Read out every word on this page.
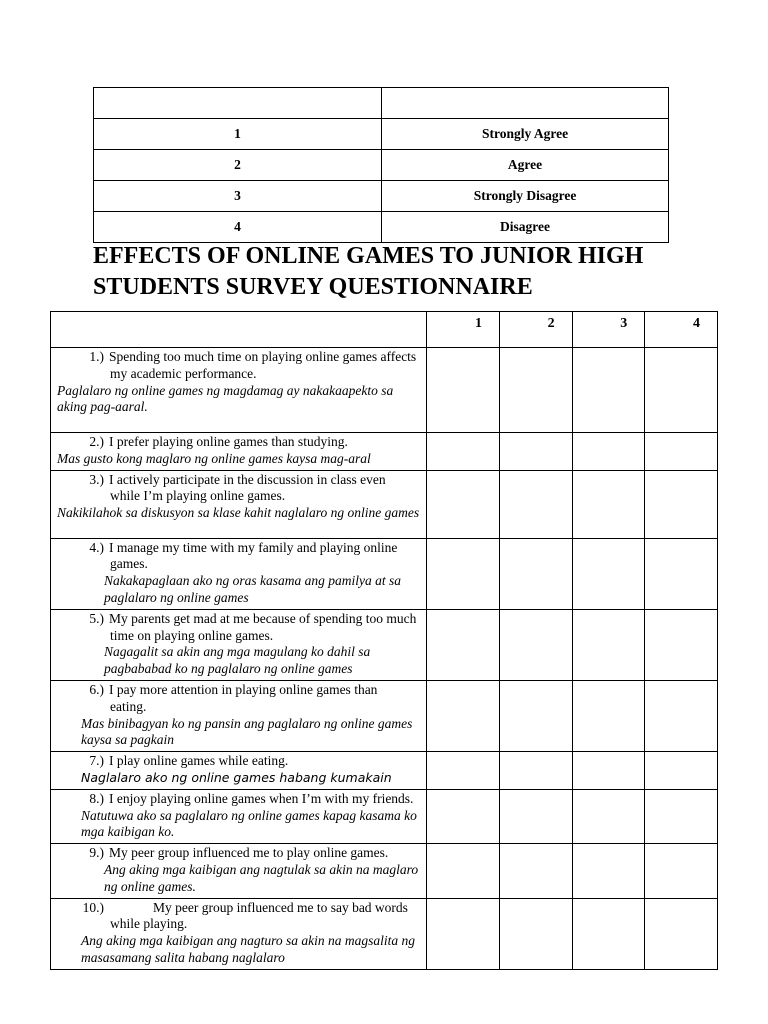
1	Strongly Agree
2	Agree
3	Strongly Disagree
4	Disagree
EFFECTS OF ONLINE GAMES TO JUNIOR HIGH STUDENTS SURVEY QUESTIONNAIRE
	1	2	3	4

1.) Spending too much time on playing online games affects
my academic performance.
Paglalaro ng online games ng magdamag ay nakakaapekto sa aking pag-aaral.				

2.) I prefer playing online games than studying.
Mas gusto kong maglaro ng online games kaysa mag-aral				

3.) I actively participate in the discussion in class even
while I’m playing online games.
Nakikilahok sa diskusyon sa klase kahit naglalaro ng online games				

4.) I manage my time with my family and playing online
games.
Nakakapaglaan ako ng oras kasama ang pamilya at sa paglalaro ng online games				

5.) My parents get mad at me because of spending too much
time on playing online games.
Nagagalit sa akin ang mga magulang ko dahil sa pagbababad ko ng paglalaro ng online games				

6.) I pay more attention in playing online games than
eating.
Mas binibagyan ko ng pansin ang paglalaro ng online games kaysa sa pagkain				

7.) I play online games while eating.
Naglalaro ako ng online games habang kumakain				

8.) I enjoy playing online games when I’m with my friends.
Natutuwa ako sa paglalaro ng online games kapag kasama ko mga kaibigan ko.				

9.) My peer group influenced me to play online games.
Ang aking mga kaibigan ang nagtulak sa akin na maglaro ng online games.				

10.) My peer group influenced me to say bad words
while playing.
Ang aking mga kaibigan ang nagturo sa akin na magsalita ng masasamang salita habang naglalaro				
